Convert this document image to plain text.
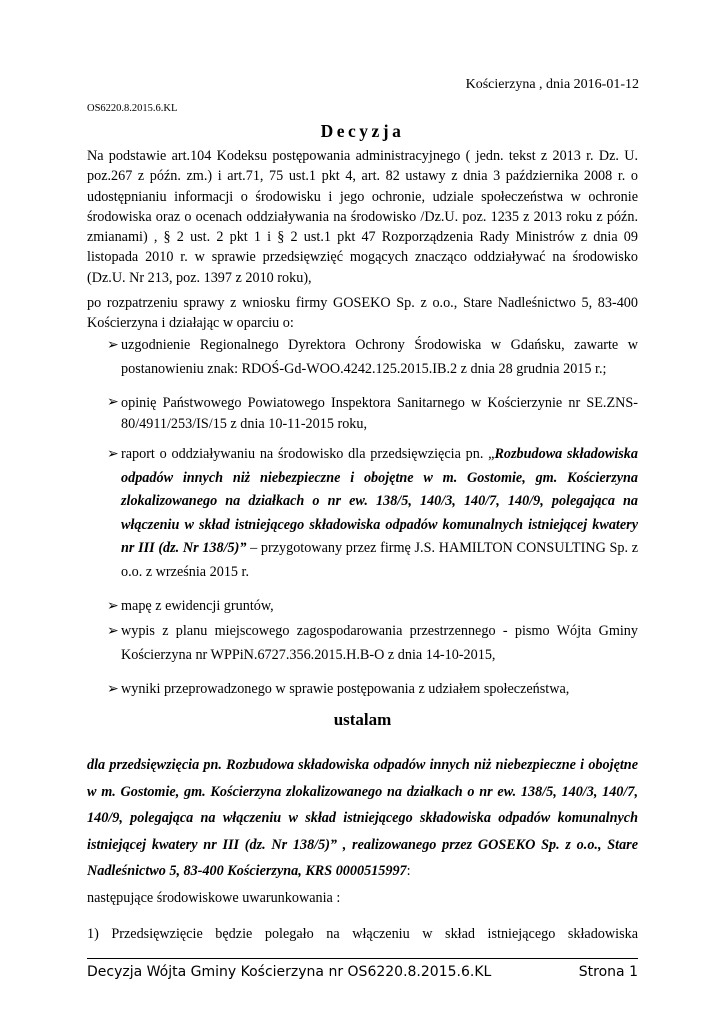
Kościerzyna , dnia 2016-01-12
OS6220.8.2015.6.KL
Decyzja
Na podstawie art.104 Kodeksu postępowania administracyjnego ( jedn. tekst z 2013 r. Dz. U. poz.267 z późn. zm.) i art.71, 75 ust.1 pkt 4, art. 82 ustawy z dnia 3 października 2008 r. o udostępnianiu informacji o środowisku i jego ochronie, udziale społeczeństwa w ochronie środowiska oraz o ocenach oddziaływania na środowisko /Dz.U. poz. 1235 z 2013 roku z późn. zmianami) , § 2 ust. 2 pkt 1 i § 2 ust.1 pkt 47 Rozporządzenia Rady Ministrów z dnia 09 listopada 2010 r. w sprawie przedsięwzięć mogących znacząco oddziaływać na środowisko (Dz.U. Nr 213, poz. 1397 z 2010 roku),
po rozpatrzeniu sprawy z wniosku firmy GOSEKO Sp. z o.o., Stare Nadleśnictwo 5, 83-400 Kościerzyna i działając w oparciu o:
➢ uzgodnienie Regionalnego Dyrektora Ochrony Środowiska w Gdańsku, zawarte w postanowieniu znak: RDOŚ-Gd-WOO.4242.125.2015.IB.2 z dnia 28 grudnia 2015 r.;
➢ opinię Państwowego Powiatowego Inspektora Sanitarnego w Kościerzynie nr SE.ZNS-80/4911/253/IS/15 z dnia 10-11-2015 roku,
➢ raport o oddziaływaniu na środowisko dla przedsięwzięcia pn. „Rozbudowa składowiska odpadów innych niż niebezpieczne i obojętne w m. Gostomie, gm. Kościerzyna zlokalizowanego na działkach o nr ew. 138/5, 140/3, 140/7, 140/9, polegająca na włączeniu w skład istniejącego składowiska odpadów komunalnych istniejącej kwatery nr III (dz. Nr 138/5)” – przygotowany przez firmę J.S. HAMILTON CONSULTING Sp. z o.o. z września 2015 r.
➢ mapę z ewidencji gruntów,
➢ wypis z planu miejscowego zagospodarowania przestrzennego - pismo Wójta Gminy Kościerzyna nr WPPiN.6727.356.2015.H.B-O z dnia 14-10-2015,
➢ wyniki przeprowadzonego w sprawie postępowania z udziałem społeczeństwa,
ustalam
dla przedsięwzięcia pn. Rozbudowa składowiska odpadów innych niż niebezpieczne i obojętne w m. Gostomie, gm. Kościerzyna zlokalizowanego na działkach o nr ew. 138/5, 140/3, 140/7, 140/9, polegająca na włączeniu w skład istniejącego składowiska odpadów komunalnych istniejącej kwatery nr III (dz. Nr 138/5)” , realizowanego przez GOSEKO Sp. z o.o., Stare Nadleśnictwo 5, 83-400 Kościerzyna, KRS 0000515997:
następujące środowiskowe uwarunkowania :
1) Przedsięwzięcie będzie polegało na włączeniu w skład istniejącego składowiska
Decyzja Wójta Gminy Kościerzyna nr OS6220.8.2015.6.KL	Strona 1
